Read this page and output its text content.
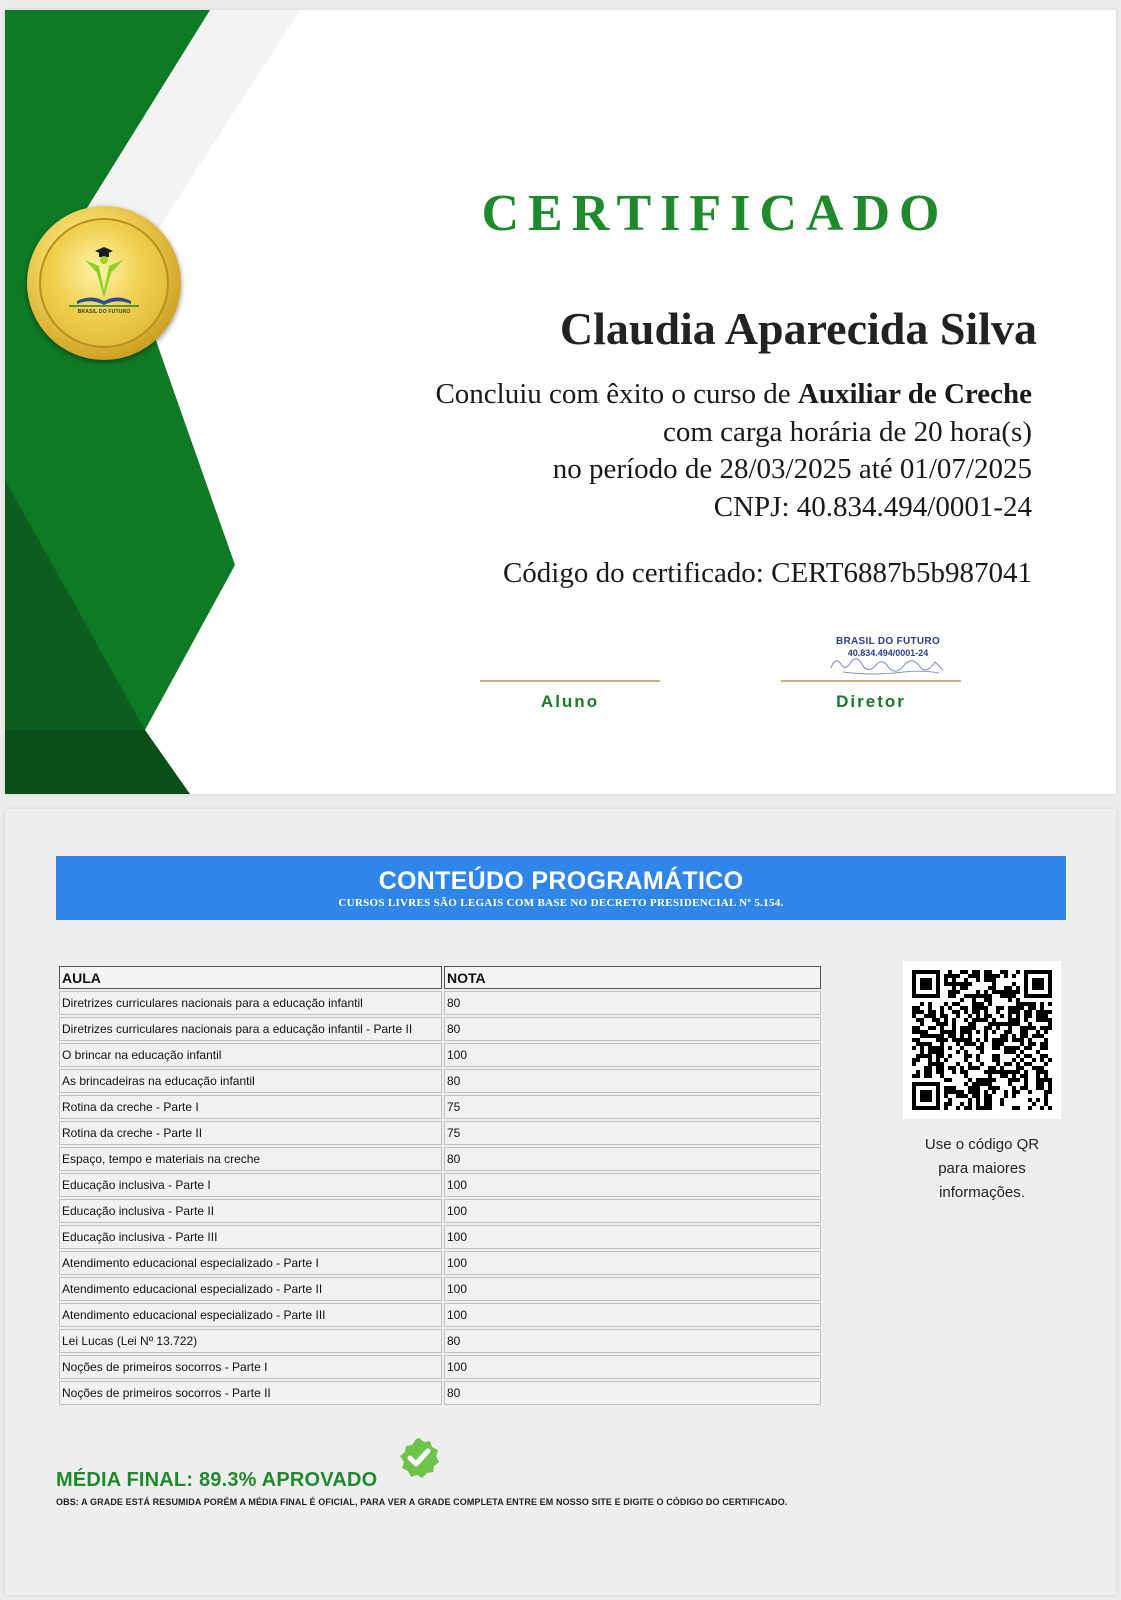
BRASIL DO FUTURO
CERTIFICADO
Claudia Aparecida Silva
Concluiu com êxito o curso de Auxiliar de Creche
com carga horária de 20 hora(s)
no período de 28/03/2025 até 01/07/2025
CNPJ: 40.834.494/0001-24
Código do certificado: CERT6887b5b987041
Aluno
BRASIL DO FUTURO
40.834.494/0001-24
Diretor
CONTEÚDO PROGRAMÁTICO
CURSOS LIVRES SÃO LEGAIS COM BASE NO DECRETO PRESIDENCIAL Nº 5.154.
AULA	NOTA
Diretrizes curriculares nacionais para a educação infantil	80
Diretrizes curriculares nacionais para a educação infantil - Parte II	80
O brincar na educação infantil	100
As brincadeiras na educação infantil	80
Rotina da creche - Parte I	75
Rotina da creche - Parte II	75
Espaço, tempo e materiais na creche	80
Educação inclusiva - Parte I	100
Educação inclusiva - Parte II	100
Educação inclusiva - Parte III	100
Atendimento educacional especializado - Parte I	100
Atendimento educacional especializado - Parte II	100
Atendimento educacional especializado - Parte III	100
Lei Lucas (Lei Nº 13.722)	80
Noções de primeiros socorros - Parte I	100
Noções de primeiros socorros - Parte II	80
Use o código QR
para maiores
informações.
MÉDIA FINAL: 89.3% APROVADO
OBS: A GRADE ESTÁ RESUMIDA PORÉM A MÉDIA FINAL É OFICIAL, PARA VER A GRADE COMPLETA ENTRE EM NOSSO SITE E DIGITE O CÓDIGO DO CERTIFICADO.
